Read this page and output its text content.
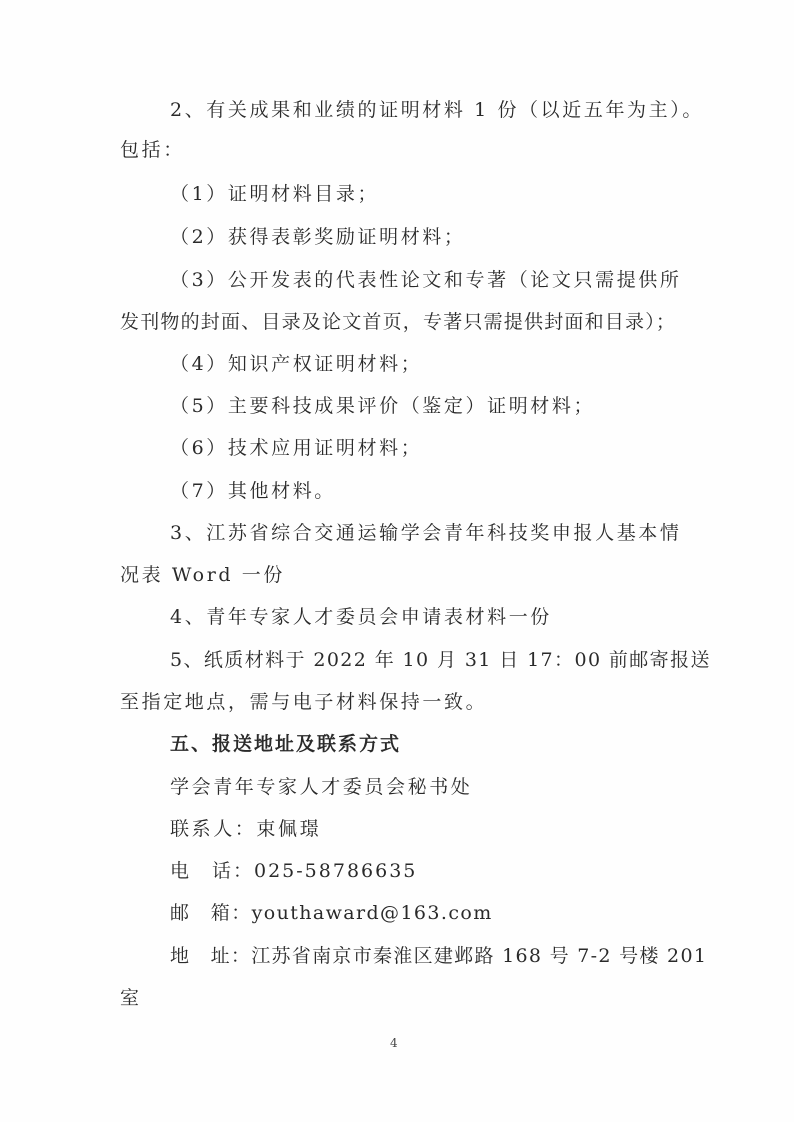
2、有关成果和业绩的证明材料 1 份（以近五年为主）。
包括：
（1）证明材料目录；
（2）获得表彰奖励证明材料；
（3）公开发表的代表性论文和专著（论文只需提供所
发刊物的封面、目录及论文首页，专著只需提供封面和目录）；
（4）知识产权证明材料；
（5）主要科技成果评价（鉴定）证明材料；
（6）技术应用证明材料；
（7）其他材料。
3、江苏省综合交通运输学会青年科技奖申报人基本情
况表 Word 一份
4、青年专家人才委员会申请表材料一份
5、纸质材料于 2022 年 10 月 31 日 17：00 前邮寄报送
至指定地点，需与电子材料保持一致。
五、报送地址及联系方式
学会青年专家人才委员会秘书处
联系人：束佩璟
电　话：025-58786635
邮　箱：youthaward@163.com
地　址：江苏省南京市秦淮区建邺路 168 号 7-2 号楼 201
室
4
